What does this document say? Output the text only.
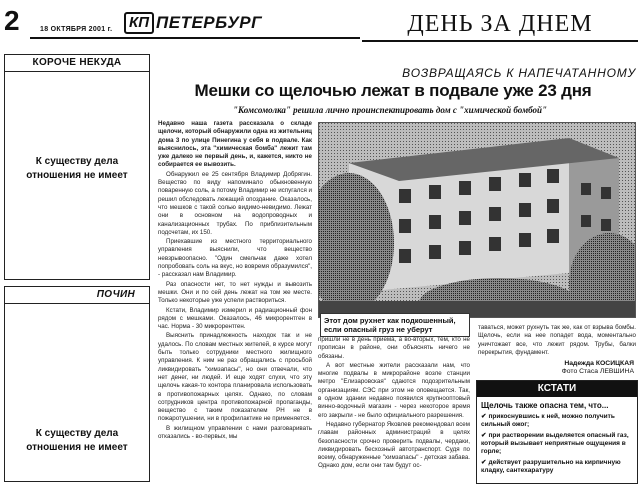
2	18 ОКТЯБРЯ 2001 г.	КП ПЕТЕРБУРГ	ДЕНЬ ЗА ДНЕМ
КОРОЧЕ НЕКУДА
К существу дела отношения не имеет
ПОЧИН
К существу дела отношения не имеет
ВОЗВРАЩАЯСЬ К НАПЕЧАТАННОМУ
Мешки со щелочью лежат в подвале уже 23 дня
"Комсомолка" решила лично проинспектировать дом с "химической бомбой"

Недавно наша газета рассказала о складе щелочи, который обнаружили одна из жительниц дома 3 по улице Пинегина у себя в подвале. Как выяснилось, эта "химическая бомба" лежит там уже далеко не первый день, и, кажется, никто не собирается ее вывозить.

Обнаружил ее 25 сентября Владимир Добрягин. Вещество по виду напоминало обыкновенную поваренную соль, а потому Владимир не испугался и решил обследовать лежащий опоздание. Оказалось, что мешков с такой солью видимо-невидимо. Лежат они в основном на водопроводных и канализационных трубах. По приблизительным подсчетам, их 150.

Приехавшие из местного территориального управления выяснили, что вещество невзрывоопасно. "Один смельчак даже хотел попробовать соль на вкус, но вовремя образумился", - рассказал нам Владимир.

Раз опасности нет, то нет нужды и вывозить мешки. Они и по сей день лежат на том же месте. Только некоторые уже успели раствориться.

Кстати, Владимир измерил и радиационный фон рядом с мешками. Оказалось, 46 микрорентген в час. Норма - 30 микрорентген.

Выяснить принадлежность находок так и не удалось. По словам местных жителей, в курсе могут быть только сотрудники местного жилищного управления. К ним не раз обращались с просьбой ликвидировать "химзапасы", но они отвечали, что нет денег, ни людей. И еще ходят слухи, что эту щелочь какая-то контора планировала использовать в противопожарных целях. Однако, по словам сотрудников центра противопожарной пропаганды, вещество с таким показателем РН не в пожаротушении, ни в профилактике не применяется.

В жилищном управлении с нами разговаривать отказались - во-первых, мы

Этот дом рухнет как подкошенный, если опасный груз не уберут

пришли не в день приема, а во-вторых, тем, кто не прописан в районе, они объяснять ничего не обязаны.

А вот местные жители рассказали нам, что многие подвалы в микрорайоне возле станции метро "Елизаровская" сдаются подозрительным организациям. СЭС при этом не оповещается. Так, в одном здании недавно появился крупнооптовый винно-водочный магазин - через некоторое время его закрыли - не было официального разрешения.

Недавно губернатор Яковлев рекомендовал всем главам районных администраций в целях безопасности срочно проверить подвалы, чердаки, ликвидировать бесхозный автотранспорт. Судя по всему, обнаруженные "химзапасы" - детская забава. Однако дом, если они там будут ос-

таваться, может рухнуть так же, как от взрыва бомбы. Щелочь, если на нее попадет вода, моментально уничтожает все, что лежит рядом. Трубы, балки перекрытия, фундамент.

Надежда КОСИЦКАЯ
Фото Стаса ЛЕВШИНА
КСТАТИ
Щелочь также опасна тем, что...
✔ прикоснувшись к ней, можно получить сильный ожог;
✔ при растворении выделяется опасный газ, который вызывает неприятные ощущения в горле;
✔ действует разрушительно на кирпичную кладку, сантехаратуру
